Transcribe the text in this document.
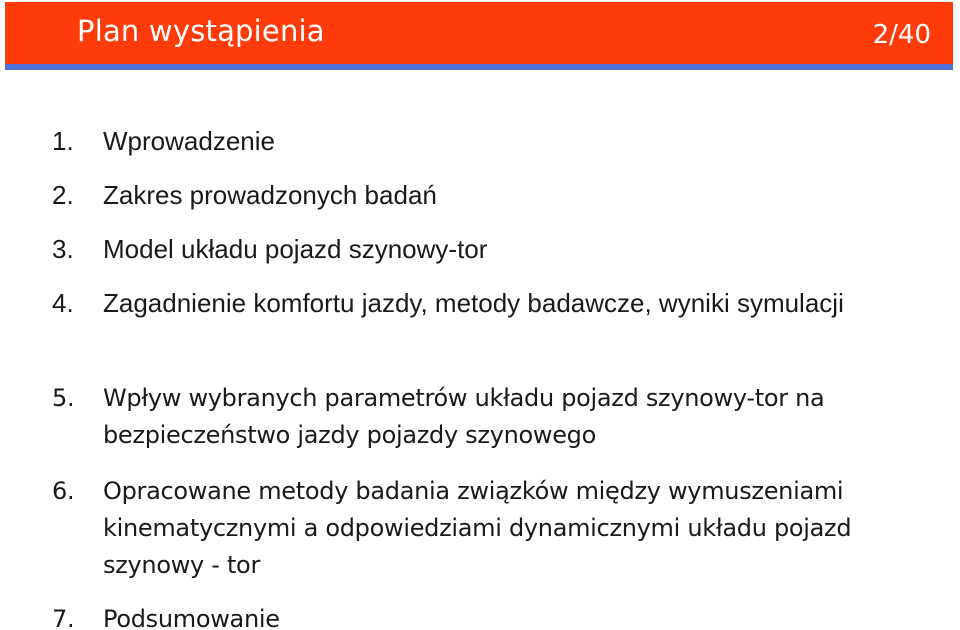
Plan wystąpienia	2/40
1.	Wprowadzenie
2.	Zakres prowadzonych badań
3.	Model układu pojazd szynowy-tor
4.	Zagadnienie komfortu jazdy, metody badawcze, wyniki symulacji
5.	Wpływ wybranych parametrów układu pojazd szynowy-tor na bezpieczeństwo jazdy pojazdy szynowego
6.	Opracowane metody badania związków między wymuszeniami kinematycznymi a odpowiedziami dynamicznymi układu pojazd szynowy - tor
7.	Podsumowanie
